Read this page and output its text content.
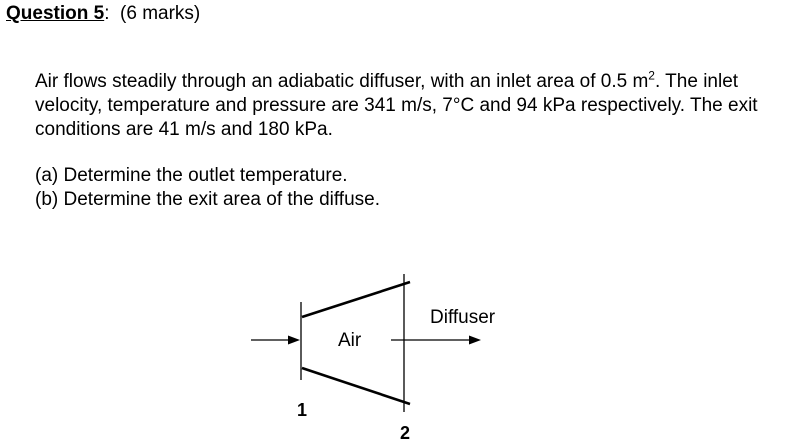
Question 5: (6 marks)

Air flows steadily through an adiabatic diffuser, with an inlet area of 0.5 $m^2$. The inlet velocity, temperature and pressure are 341 m/s, 7°C and 94 kPa respectively. The exit conditions are 41 m/s and 180 kPa.

(a) Determine the outlet temperature.
(b) Determine the exit area of the diffuse.
Air
Diffuser
1
2
